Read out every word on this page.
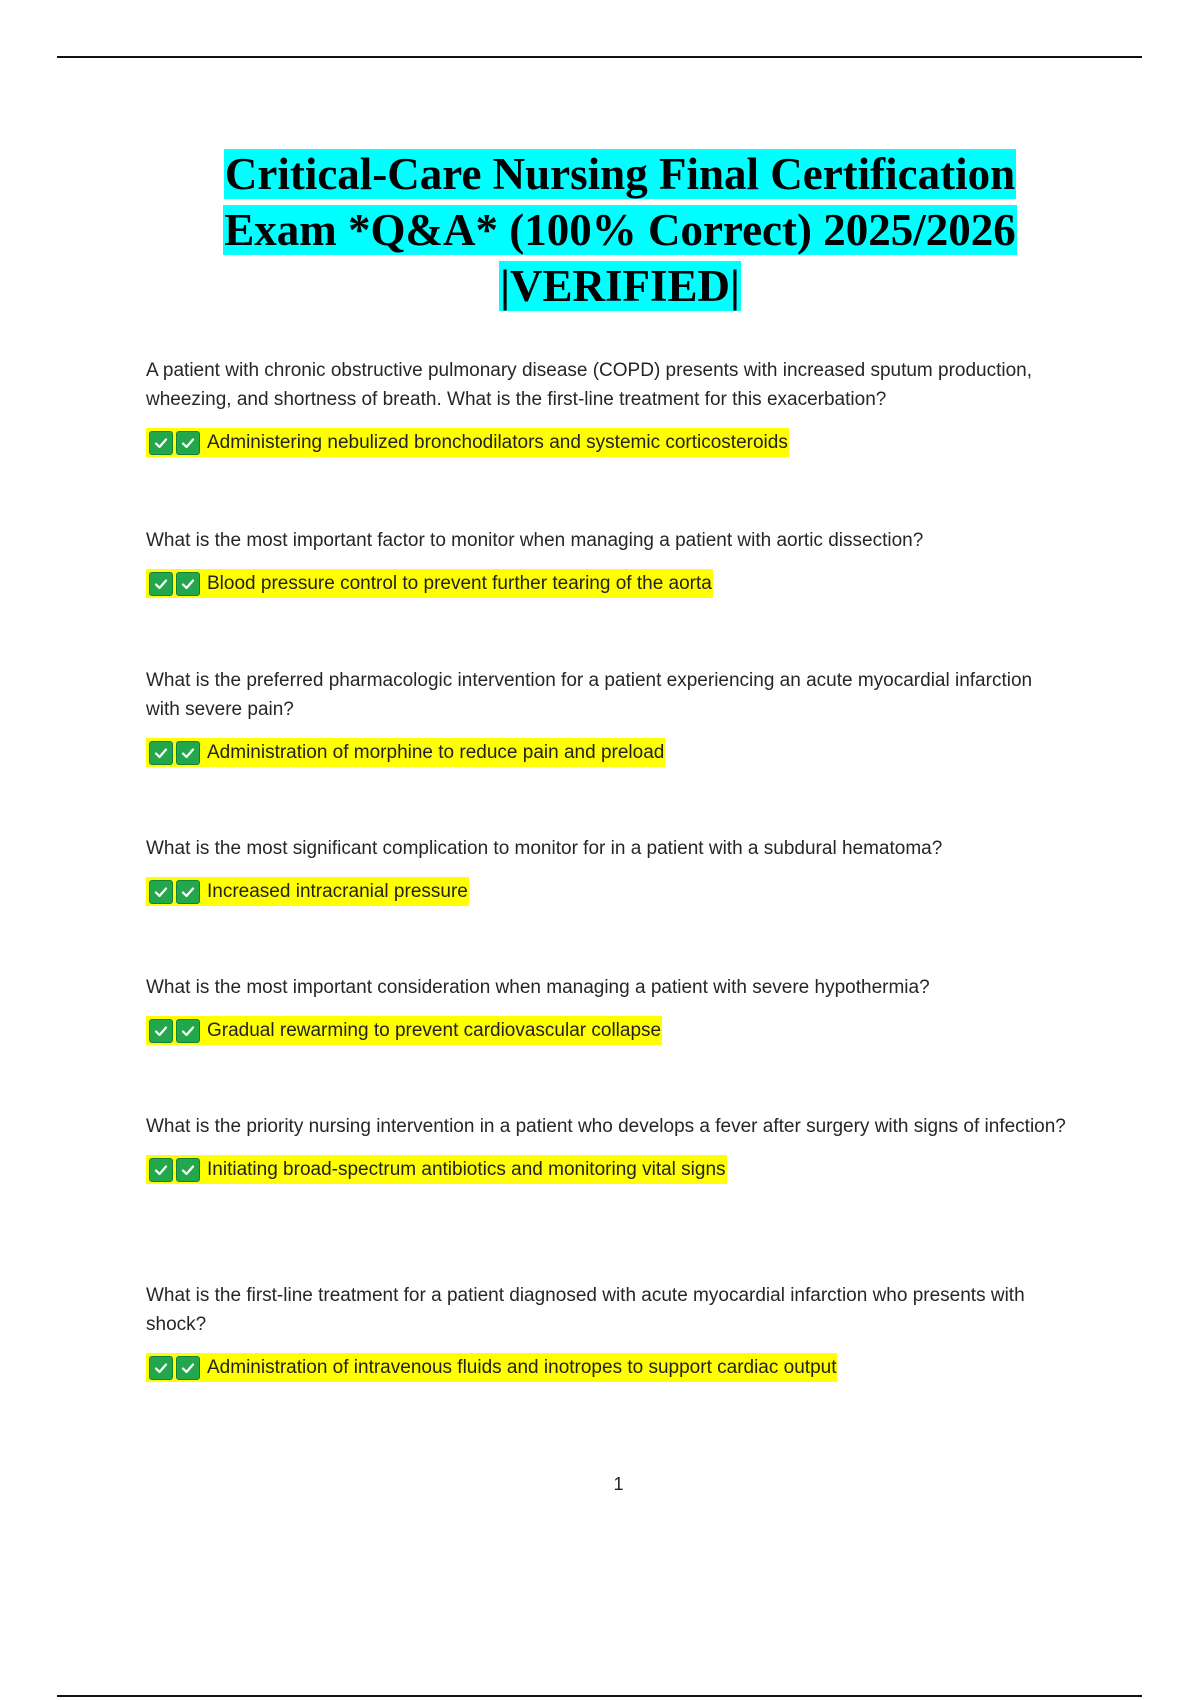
Critical-Care Nursing Final Certification
Exam *Q&A* (100% Correct) 2025/2026
|VERIFIED|

A patient with chronic obstructive pulmonary disease (COPD) presents with increased sputum production, wheezing, and shortness of breath. What is the first-line treatment for this exacerbation?

Administering nebulized bronchodilators and systemic corticosteroids

What is the most important factor to monitor when managing a patient with aortic dissection?

Blood pressure control to prevent further tearing of the aorta

What is the preferred pharmacologic intervention for a patient experiencing an acute myocardial infarction with severe pain?

Administration of morphine to reduce pain and preload

What is the most significant complication to monitor for in a patient with a subdural hematoma?

Increased intracranial pressure

What is the most important consideration when managing a patient with severe hypothermia?

Gradual rewarming to prevent cardiovascular collapse

What is the priority nursing intervention in a patient who develops a fever after surgery with signs of infection?

Initiating broad-spectrum antibiotics and monitoring vital signs

What is the first-line treatment for a patient diagnosed with acute myocardial infarction who presents with shock?

Administration of intravenous fluids and inotropes to support cardiac output
1
